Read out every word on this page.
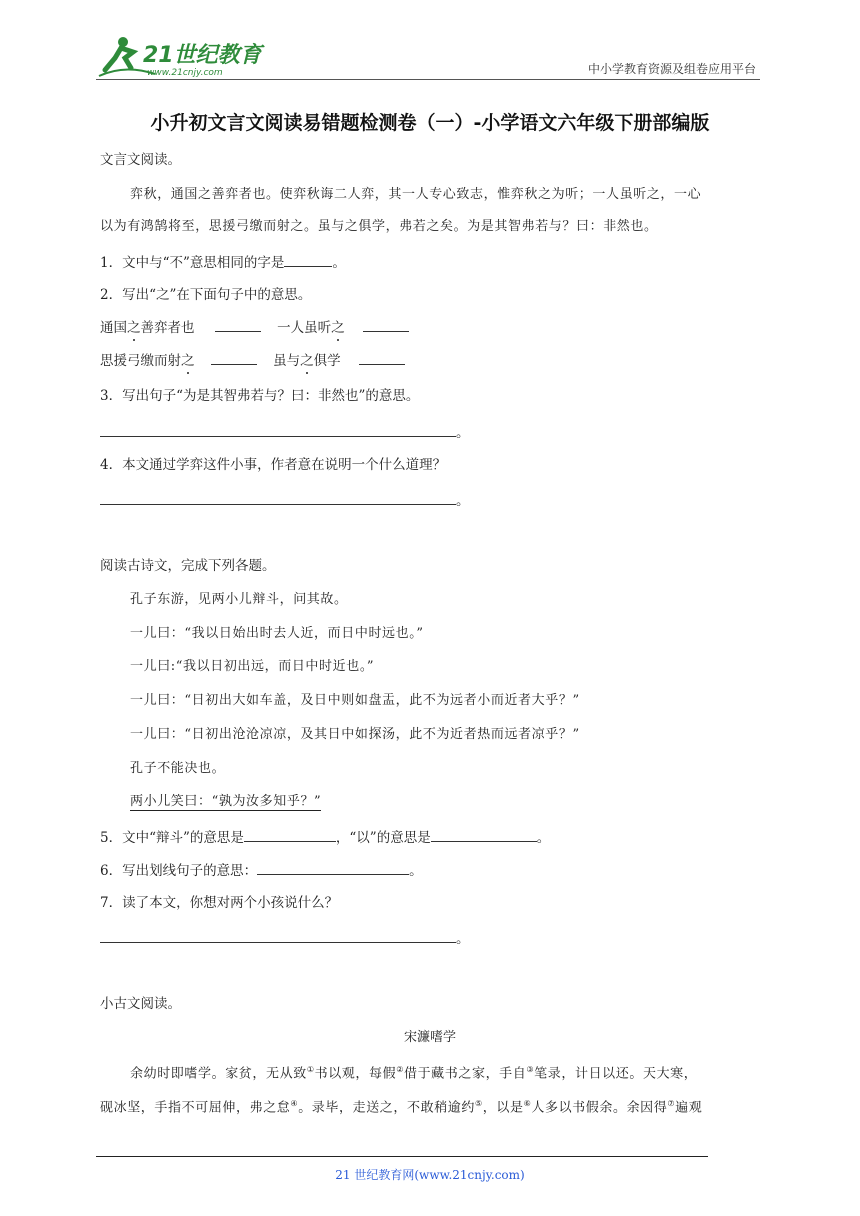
21世纪教育
www.21cnjy.com	中小学教育资源及组卷应用平台
小升初文言文阅读易错题检测卷（一）-小学语文六年级下册部编版
文言文阅读。
弈秋，通国之善弈者也。使弈秋诲二人弈，其一人专心致志，惟弈秋之为听；一人虽听之，一心
以为有鸿鹄将至，思援弓缴而射之。虽与之俱学，弗若之矣。为是其智弗若与？曰：非然也。
1．文中与“不”意思相同的字是	。
2．写出“之”在下面句子中的意思。
通国之善弈者也	一人虽听之
思援弓缴而射之	虽与之俱学
3．写出句子“为是其智弗若与？曰：非然也”的意思。
。
4．本文通过学弈这件小事，作者意在说明一个什么道理？
。
阅读古诗文，完成下列各题。
孔子东游，见两小儿辩斗，问其故。
一儿曰：“我以日始出时去人近，而日中时远也。”
一儿曰:“我以日初出远，而日中时近也。”
一儿曰：“日初出大如车盖，及日中则如盘盂，此不为远者小而近者大乎？”
一儿曰：“日初出沧沧凉凉，及其日中如探汤，此不为近者热而远者凉乎？”
孔子不能决也。
两小儿笑曰：“孰为汝多知乎？”
5．文中“辩斗”的意思是	，“以”的意思是	。
6．写出划线句子的意思：	。
7．读了本文，你想对两个小孩说什么？
。
小古文阅读。
宋濂嗜学
余幼时即嗜学。家贫，无从致①书以观，每假②借于藏书之家，手自③笔录，计日以还。天大寒，
砚冰坚，手指不可屈伸，弗之怠④。录毕，走送之，不敢稍逾约⑤，以是⑥人多以书假余。余因得⑦遍观
21 世纪教育网(www.21cnjy.com)
